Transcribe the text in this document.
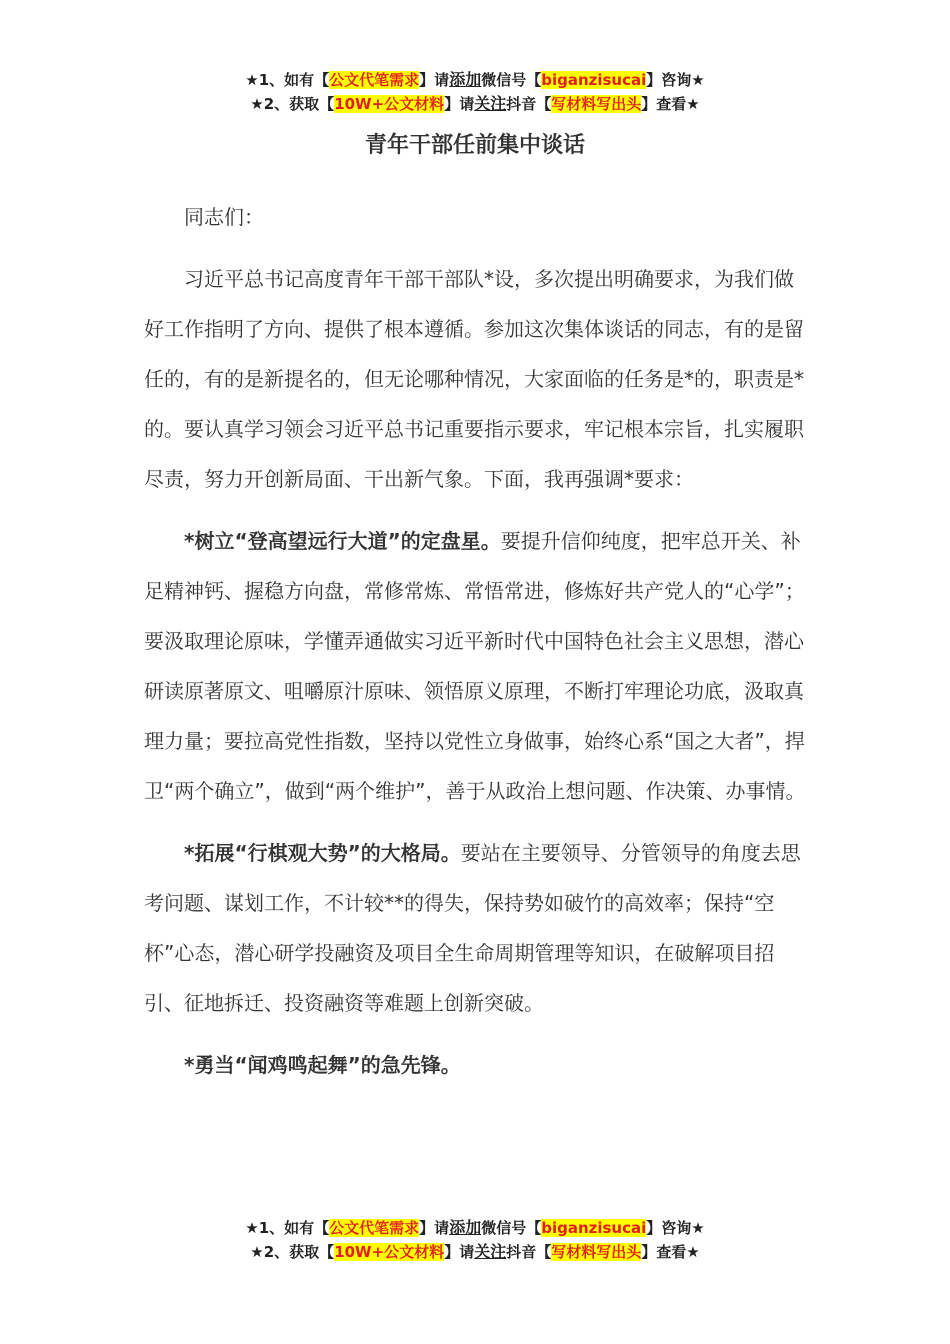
★1、如有【公文代笔需求】请添加微信号【biganzisucai】咨询★
★2、获取【10W+公文材料】请关注抖音【写材料写出头】查看★
青年干部任前集中谈话

同志们：

习近平总书记高度青年干部干部队*设，多次提出明确要求，为我们做好工作指明了方向、提供了根本遵循。参加这次集体谈话的同志，有的是留任的，有的是新提名的，但无论哪种情况，大家面临的任务是*的，职责是*的。要认真学习领会习近平总书记重要指示要求，牢记根本宗旨，扎实履职尽责，努力开创新局面、干出新气象。下面，我再强调*要求：

*树立“登高望远行大道”的定盘星。要提升信仰纯度，把牢总开关、补足精神钙、握稳方向盘，常修常炼、常悟常进，修炼好共产党人的“心学”；要汲取理论原味，学懂弄通做实习近平新时代中国特色社会主义思想，潜心研读原著原文、咀嚼原汁原味、领悟原义原理，不断打牢理论功底，汲取真理力量；要拉高党性指数，坚持以党性立身做事，始终心系“国之大者”，捍卫“两个确立”，做到“两个维护”，善于从政治上想问题、作决策、办事情。

*拓展“行棋观大势”的大格局。要站在主要领导、分管领导的角度去思考问题、谋划工作，不计较**的得失，保持势如破竹的高效率；保持“空杯”心态，潜心研学投融资及项目全生命周期管理等知识，在破解项目招引、征地拆迁、投资融资等难题上创新突破。

*勇当“闻鸡鸣起舞”的急先锋。

★1、如有【公文代笔需求】请添加微信号【biganzisucai】咨询★
★2、获取【10W+公文材料】请关注抖音【写材料写出头】查看★
